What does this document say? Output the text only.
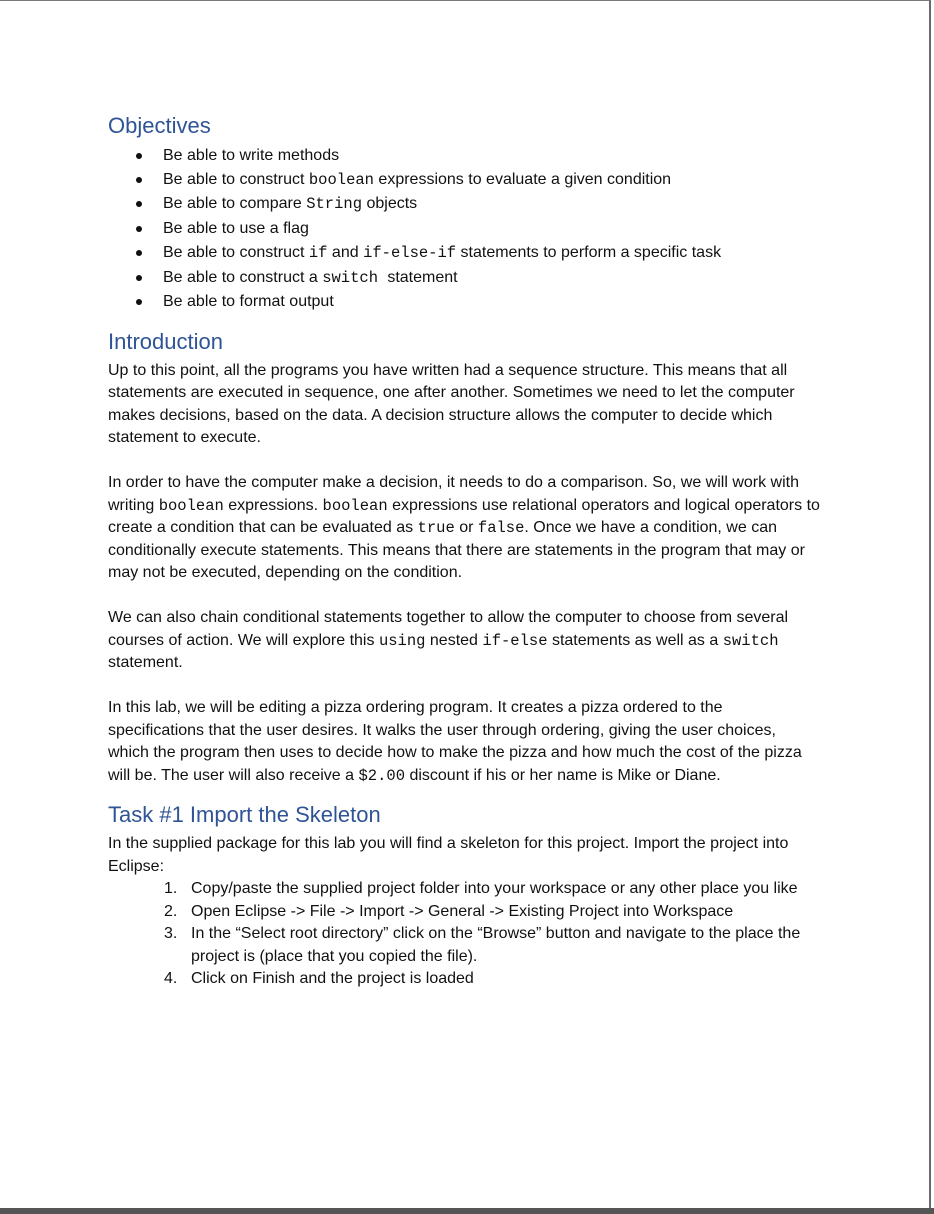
Objectives
Be able to write methods
Be able to construct boolean expressions to evaluate a given condition
Be able to compare String objects
Be able to use a flag
Be able to construct if and if-else-if statements to perform a specific task
Be able to construct a switch statement
Be able to format output
Introduction

Up to this point, all the programs you have written had a sequence structure. This means that all statements are executed in sequence, one after another. Sometimes we need to let the computer makes decisions, based on the data. A decision structure allows the computer to decide which statement to execute.

In order to have the computer make a decision, it needs to do a comparison. So, we will work with writing boolean expressions. boolean expressions use relational operators and logical operators to create a condition that can be evaluated as true or false. Once we have a condition, we can conditionally execute statements. This means that there are statements in the program that may or may not be executed, depending on the condition.

We can also chain conditional statements together to allow the computer to choose from several courses of action. We will explore this using nested if-else statements as well as a switch statement.

In this lab, we will be editing a pizza ordering program. It creates a pizza ordered to the specifications that the user desires. It walks the user through ordering, giving the user choices, which the program then uses to decide how to make the pizza and how much the cost of the pizza will be. The user will also receive a $2.00 discount if his or her name is Mike or Diane.

Task #1 Import the Skeleton
In the supplied package for this lab you will find a skeleton for this project. Import the project into Eclipse:
1. Copy/paste the supplied project folder into your workspace or any other place you like
2. Open Eclipse -> File -> Import -> General -> Existing Project into Workspace
3. In the “Select root directory” click on the “Browse” button and navigate to the place the project is (place that you copied the file).
4. Click on Finish and the project is loaded
